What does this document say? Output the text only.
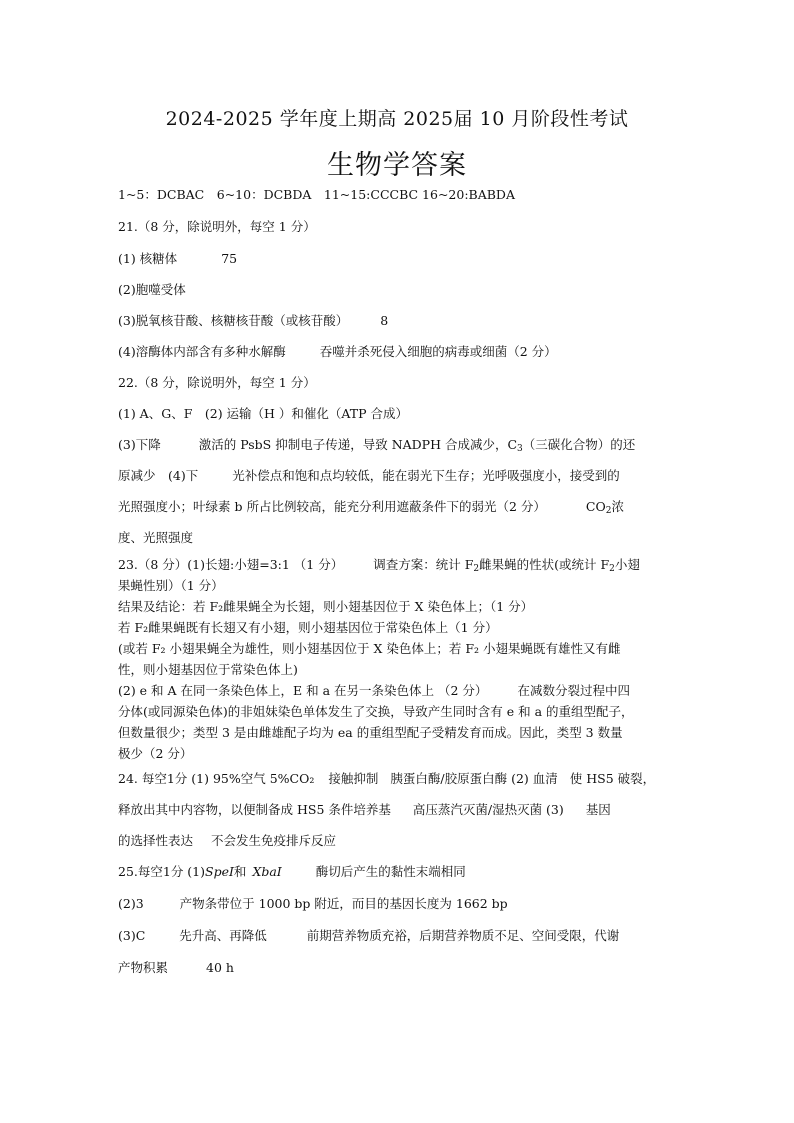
2024-2025 学年度上期高 2025届 10 月阶段性考试
生物学答案
1~5：DCBAC　6~10：DCBDA　11~15:CCCBC 16~20:BABDA
21.（8 分，除说明外，每空 1 分）
(1) 核糖体	75
(2)胞噬受体
(3)脱氧核苷酸、核糖核苷酸（或核苷酸）	8
(4)溶酶体内部含有多种水解酶	吞噬并杀死侵入细胞的病毒或细菌（2 分）
22.（8 分，除说明外，每空 1 分）
(1) A、G、F　(2) 运输（H ）和催化（ATP 合成）
(3)下降	激活的 PsbS 抑制电子传递，导致 NADPH 合成减少，$C_3$（三碳化合物）的还
原减少　(4)下	光补偿点和饱和点均较低，能在弱光下生存；光呼吸强度小，接受到的
光照强度小；叶绿素 b 所占比例较高，能充分利用遮蔽条件下的弱光（2 分）	$CO_2$浓
度、光照强度
23.（8 分）(1)长翅:小翅=3:1 （1 分） 调查方案：统计 $F_2$雌果蝇的性状(或统计 $F_2$小翅
果蝇性别）（1 分）
结果及结论：若 F₂雌果蝇全为长翅，则小翅基因位于 X 染色体上；（1 分）
若 F₂雌果蝇既有长翅又有小翅，则小翅基因位于常染色体上（1 分）
(或若 F₂ 小翅果蝇全为雄性，则小翅基因位于 X 染色体上；若 F₂ 小翅果蝇既有雄性又有雌
性，则小翅基因位于常染色体上)
(2) e 和 A 在同一条染色体上，E 和 a 在另一条染色体上 （2 分） 在减数分裂过程中四
分体(或同源染色体)的非姐妹染色单体发生了交换，导致产生同时含有 e 和 a 的重组型配子，
但数量很少；类型 3 是由雌雄配子均为 ea 的重组型配子受精发育而成。因此，类型 3 数量
极少（2 分）
24. 每空1分 (1) 95%空气 5%CO₂ 接触抑制 胰蛋白酶/胶原蛋白酶 (2) 血清 使 HS5 破裂，
释放出其中内容物，以便制备成 HS5 条件培养基 高压蒸汽灭菌/湿热灭菌 (3) 基因
的选择性表达 不会发生免疫排斥反应
25.每空1分 (1)SpeI和 XbaI	酶切后产生的黏性末端相同
(2)3	产物条带位于 1000 bp 附近，而目的基因长度为 1662 bp
(3)C	先升高、再降低	前期营养物质充裕，后期营养物质不足、空间受限，代谢
产物积累	40 h
